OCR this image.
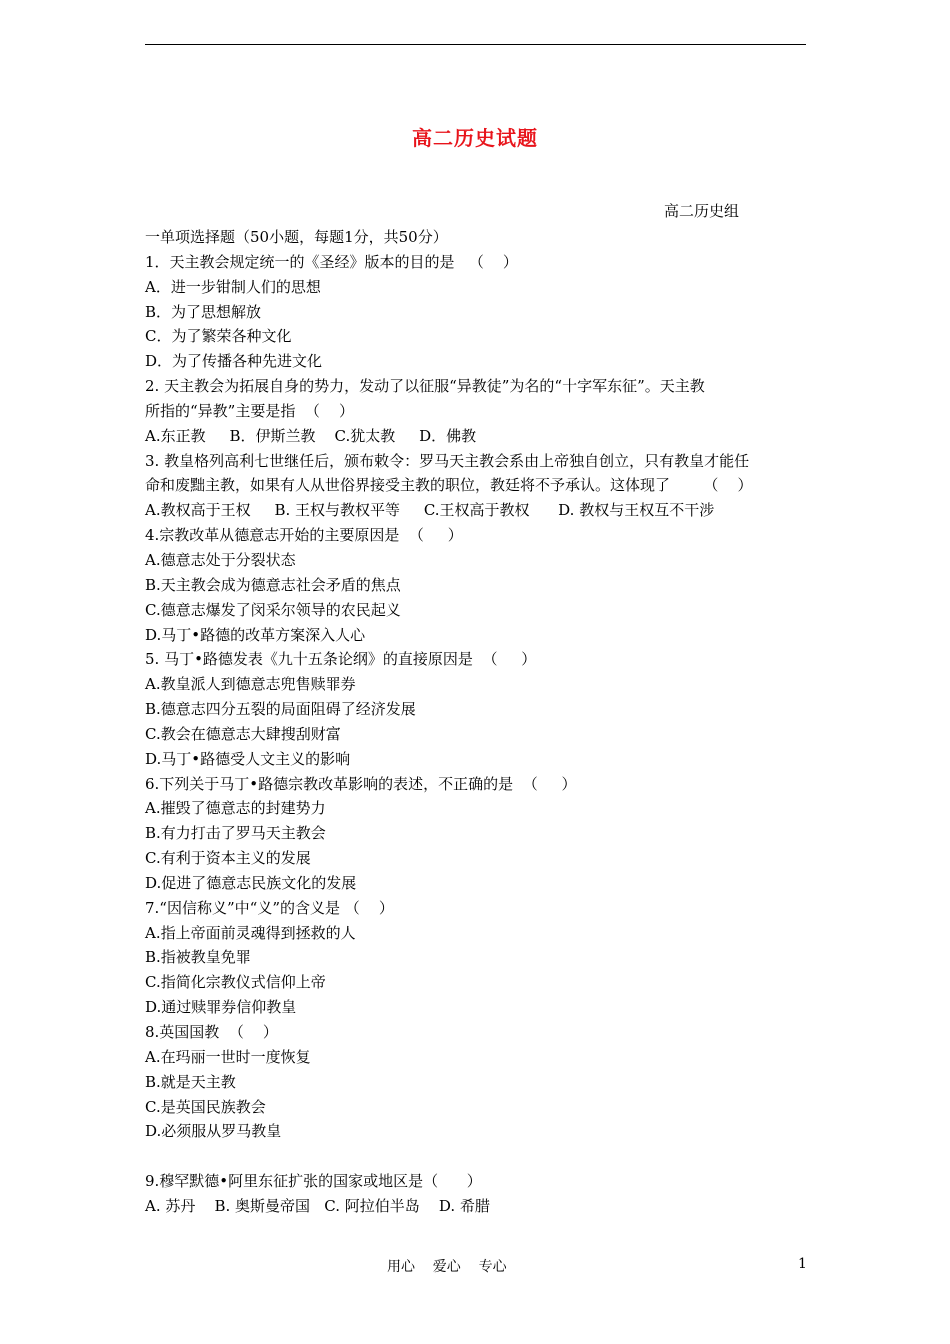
高二历史试题
高二历史组
一单项选择题（50小题，每题1分，共50分）
1．天主教会规定统一的《圣经》版本的目的是   （    ）
A．进一步钳制人们的思想
B．为了思想解放
C．为了繁荣各种文化
D．为了传播各种先进文化
2. 天主教会为拓展自身的势力，发动了以征服“异教徒”为名的“十字军东征”。天主教
所指的“异教”主要是指  （    ）
A.东正教     B．伊斯兰教    C.犹太教     D．佛教
3. 教皇格列高利七世继任后，颁布敕令：罗马天主教会系由上帝独自创立，只有教皇才能任
命和废黜主教，如果有人从世俗界接受主教的职位，教廷将不予承认。这体现了       （    ）
A.教权高于王权     B. 王权与教权平等     C.王权高于教权      D. 教权与王权互不干涉
4.宗教改革从德意志开始的主要原因是  （     ）
A.德意志处于分裂状态
B.天主教会成为德意志社会矛盾的焦点
C.德意志爆发了闵采尔领导的农民起义
D.马丁•路德的改革方案深入人心
5. 马丁•路德发表《九十五条论纲》的直接原因是  （     ）
A.教皇派人到德意志兜售赎罪券
B.德意志四分五裂的局面阻碍了经济发展
C.教会在德意志大肆搜刮财富
D.马丁•路德受人文主义的影响
6.下列关于马丁•路德宗教改革影响的表述，不正确的是  （     ）
A.摧毁了德意志的封建势力
B.有力打击了罗马天主教会
C.有利于资本主义的发展
D.促进了德意志民族文化的发展
7.“因信称义”中“义”的含义是 （    ）
A.指上帝面前灵魂得到拯救的人
B.指被教皇免罪
C.指简化宗教仪式信仰上帝
D.通过赎罪券信仰教皇
8.英国国教  （    ）
A.在玛丽一世时一度恢复
B.就是天主教
C.是英国民族教会
D.必须服从罗马教皇
9.穆罕默德•阿里东征扩张的国家或地区是（      ）
A. 苏丹    B. 奥斯曼帝国   C. 阿拉伯半岛    D. 希腊
用心    爱心    专心	1
